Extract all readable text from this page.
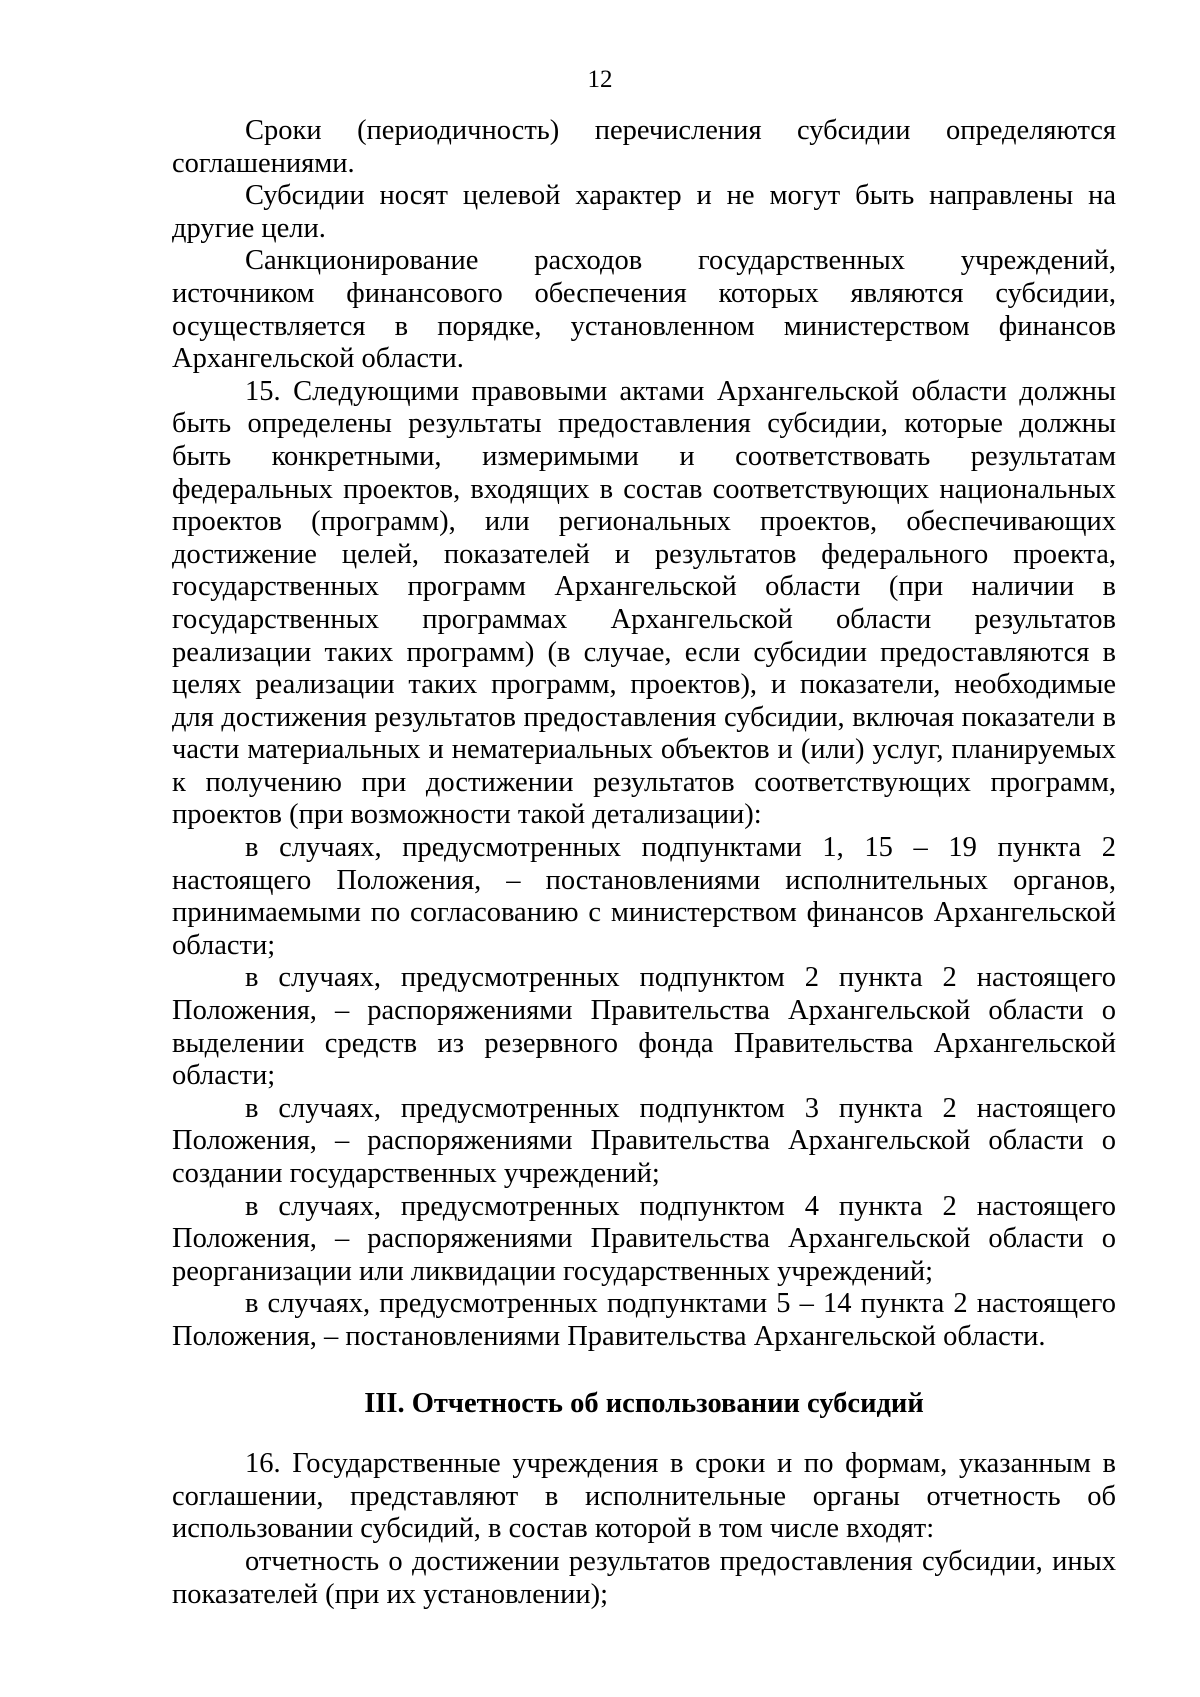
12

Сроки (периодичность) перечисления субсидии определяются соглашениями.

Субсидии носят целевой характер и не могут быть направлены на другие цели.

Санкционирование расходов государственных учреждений, источником финансового обеспечения которых являются субсидии, осуществляется в порядке, установленном министерством финансов Архангельской области.

15. Следующими правовыми актами Архангельской области должны быть определены результаты предоставления субсидии, которые должны быть конкретными, измеримыми и соответствовать результатам федеральных проектов, входящих в состав соответствующих национальных проектов (программ), или региональных проектов, обеспечивающих достижение целей, показателей и результатов федерального проекта, государственных программ Архангельской области (при наличии в государственных программах Архангельской области результатов реализации таких программ) (в случае, если субсидии предоставляются в целях реализации таких программ, проектов), и показатели, необходимые для достижения результатов предоставления субсидии, включая показатели в части материальных и нематериальных объектов и (или) услуг, планируемых к получению при достижении результатов соответствующих программ, проектов (при возможности такой детализации):

в случаях, предусмотренных подпунктами 1, 15 – 19 пункта 2 настоящего Положения, – постановлениями исполнительных органов, принимаемыми по согласованию с министерством финансов Архангельской области;

в случаях, предусмотренных подпунктом 2 пункта 2 настоящего Положения, – распоряжениями Правительства Архангельской области о выделении средств из резервного фонда Правительства Архангельской области;

в случаях, предусмотренных подпунктом 3 пункта 2 настоящего Положения, – распоряжениями Правительства Архангельской области о создании государственных учреждений;

в случаях, предусмотренных подпунктом 4 пункта 2 настоящего Положения, – распоряжениями Правительства Архангельской области о реорганизации или ликвидации государственных учреждений;

в случаях, предусмотренных подпунктами 5 – 14 пункта 2 настоящего Положения, – постановлениями Правительства Архангельской области.

III. Отчетность об использовании субсидий

16. Государственные учреждения в сроки и по формам, указанным в соглашении, представляют в исполнительные органы отчетность об использовании субсидий, в состав которой в том числе входят:

отчетность о достижении результатов предоставления субсидии, иных показателей (при их установлении);
